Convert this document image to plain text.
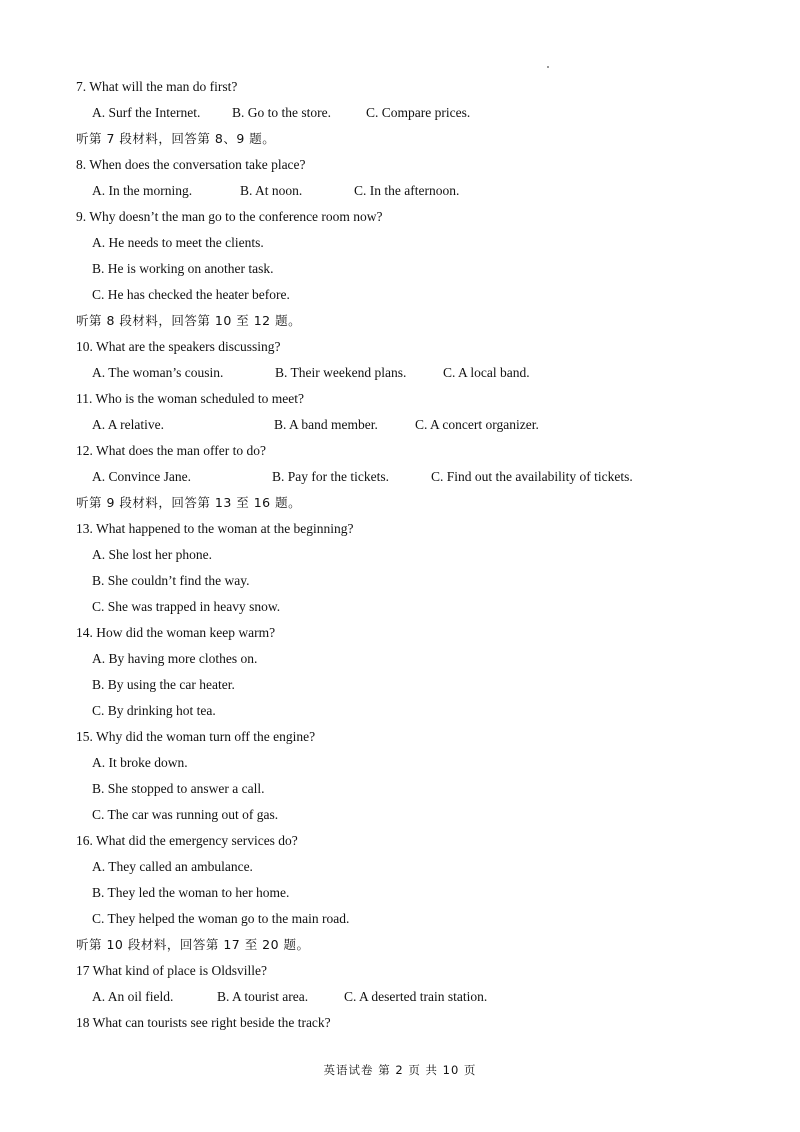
7. What will the man do first?
A. Surf the Internet. B. Go to the store.	C. Compare prices.
听第 7 段材料，回答第 8、9 题。
8. When does the conversation take place?
A. In the morning.	B. At noon.	C. In the afternoon.
9. Why doesn’t the man go to the conference room now?
A. He needs to meet the clients.
B. He is working on another task.
C. He has checked the heater before.
听第 8 段材料，回答第 10 至 12 题。
10. What are the speakers discussing?
A. The woman’s cousin.	B. Their weekend plans.	C. A local band.
11. Who is the woman scheduled to meet?
A. A relative.	B. A band member.	C. A concert organizer.
12. What does the man offer to do?
A. Convince Jane.	B. Pay for the tickets.	C. Find out the availability of tickets.
听第 9 段材料，回答第 13 至 16 题。
13. What happened to the woman at the beginning?
A. She lost her phone.
B. She couldn’t find the way.
C. She was trapped in heavy snow.
14. How did the woman keep warm?
A. By having more clothes on.
B. By using the car heater.
C. By drinking hot tea.
15. Why did the woman turn off the engine?
A. It broke down.
B. She stopped to answer a call.
C. The car was running out of gas.
16. What did the emergency services do?
A. They called an ambulance.
B. They led the woman to her home.
C. They helped the woman go to the main road.
听第 10 段材料，回答第 17 至 20 题。
17 What kind of place is Oldsville?
A. An oil field.	B. A tourist area.	C. A deserted train station.
18 What can tourists see right beside the track?
英语试卷 第 2 页 共 10 页
